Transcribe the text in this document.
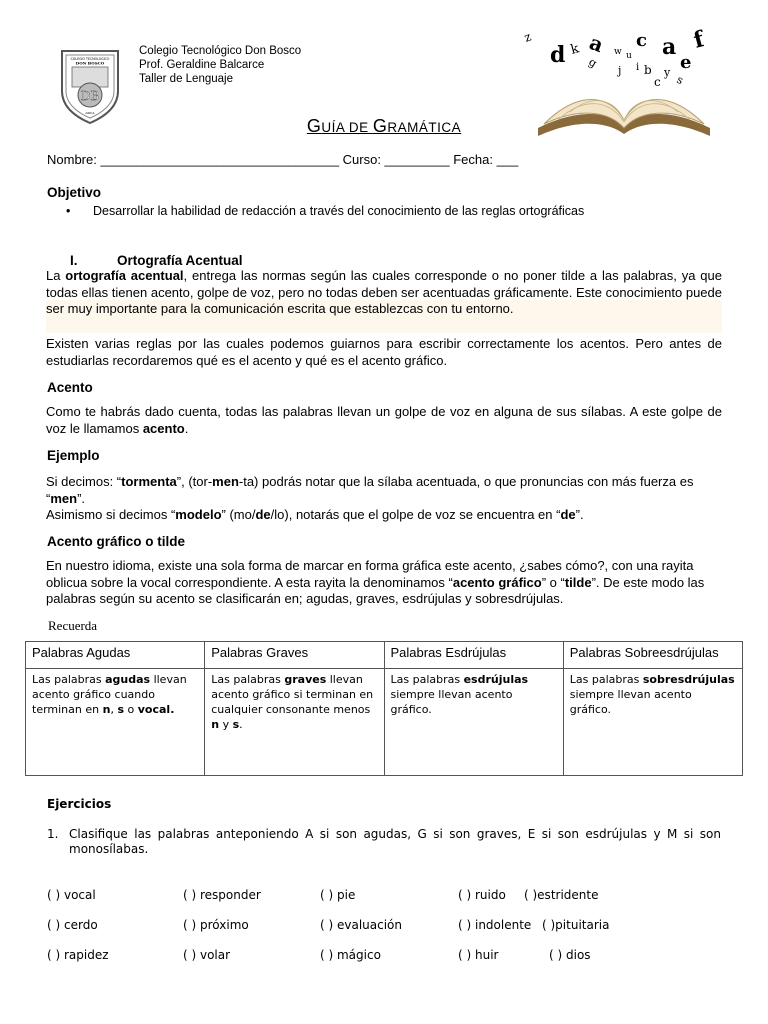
COLEGIO TECNOLOGICO
DON BOSCO
DB
ARICA
Colegio Tecnológico Don Bosco
Prof. Geraldine Balcarce
Taller de Lenguaje
z
d k a
g
w u
c a f
e
j i b y
s
c
GUÍA DE GRAMÁTICA
Nombre: _________________________________ Curso: _________ Fecha: ___
Objetivo
• Desarrollar la habilidad de redacción a través del conocimiento de las reglas ortográficas
I.	Ortografía Acentual
La ortografía acentual, entrega las normas según las cuales corresponde o no poner tilde a las palabras, ya que todas ellas tienen acento, golpe de voz, pero no todas deben ser acentuadas gráficamente. Este conocimiento puede ser muy importante para la comunicación escrita que establezcas con tu entorno.
Existen varias reglas por las cuales podemos guiarnos para escribir correctamente los acentos. Pero antes de estudiarlas recordaremos qué es el acento y qué es el acento gráfico.
Acento
Como te habrás dado cuenta, todas las palabras llevan un golpe de voz en alguna de sus sílabas. A este golpe de voz le llamamos acento.
Ejemplo
Si decimos: “tormenta”, (tor-men-ta) podrás notar que la sílaba acentuada, o que pronuncias con más fuerza es “men”.
Asimismo si decimos “modelo” (mo/de/lo), notarás que el golpe de voz se encuentra en “de”.
Acento gráfico o tilde
En nuestro idioma, existe una sola forma de marcar en forma gráfica este acento, ¿sabes cómo?, con una rayita oblicua sobre la vocal correspondiente. A esta rayita la denominamos “acento gráfico” o “tilde”. De este modo las palabras según su acento se clasificarán en; agudas, graves, esdrújulas y sobresdrújulas.
Recuerda
Palabras Agudas	Palabras Graves	Palabras Esdrújulas	Palabras Sobreesdrújulas
Las palabras agudas llevan acento gráfico cuando terminan en n, s o vocal.	Las palabras graves llevan acento gráfico si terminan en cualquier consonante menos n y s.	Las palabras esdrújulas siempre llevan acento gráfico.	Las palabras sobresdrújulas siempre llevan acento gráfico.
Ejercicios
1. Clasifique las palabras anteponiendo A si son agudas, G si son graves, E si son esdrújulas y M si son monosílabas.
( ) vocal	( ) responder	( ) pie	( ) ruido ( )estridente
( ) cerdo	( ) próximo	( ) evaluación	( ) indolente ( )pituitaria
( ) rapidez	( ) volar	( ) mágico	( ) huir	( ) dios
